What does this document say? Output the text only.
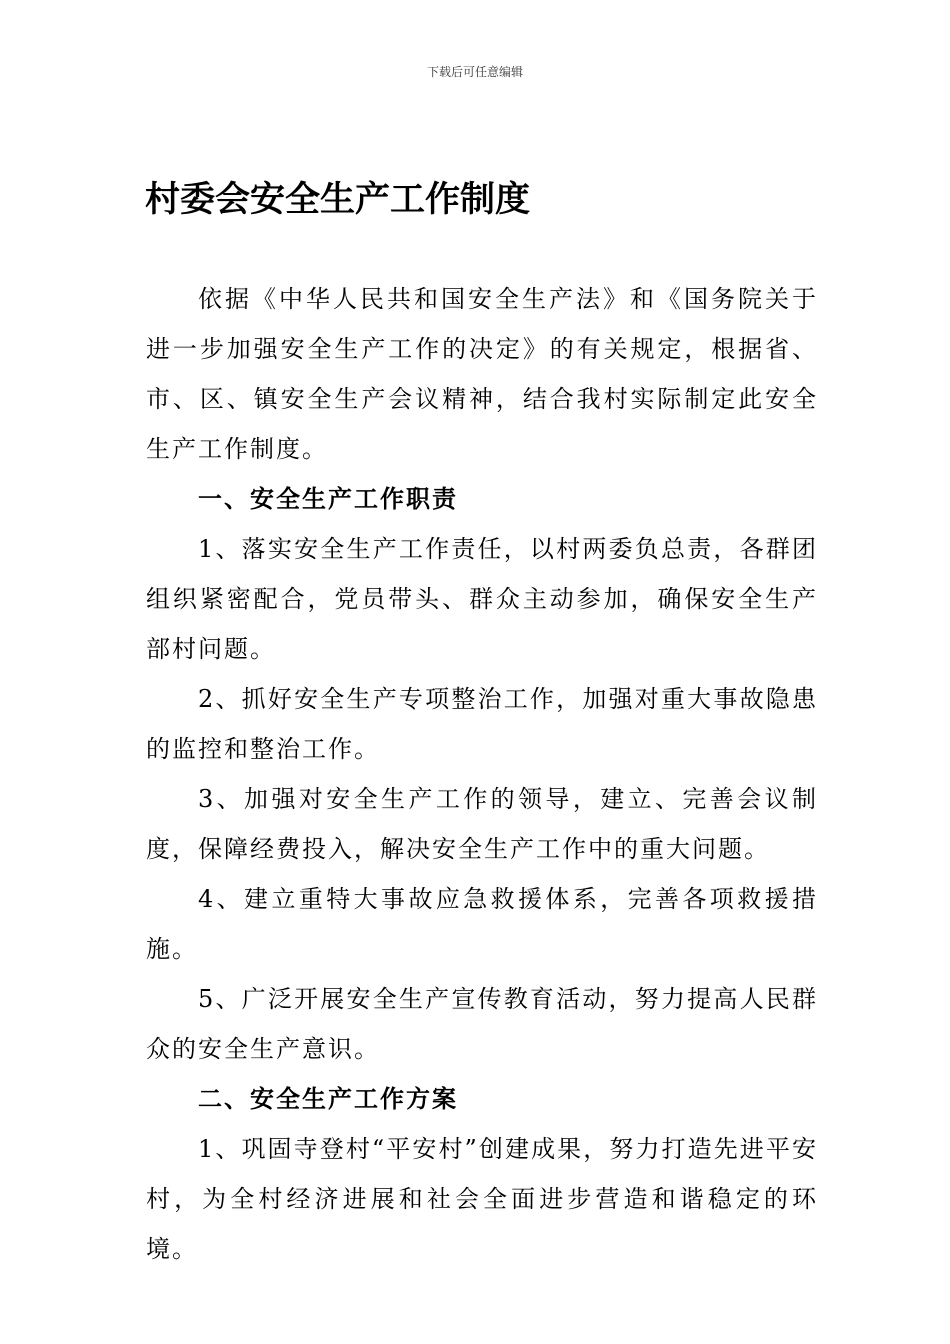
下载后可任意编辑
村委会安全生产工作制度

依据《中华人民共和国安全生产法》和《国务院关于进一步加强安全生产工作的决定》的有关规定，根据省、市、区、镇安全生产会议精神，结合我村实际制定此安全生产工作制度。

一、安全生产工作职责

1、落实安全生产工作责任，以村两委负总责，各群团组织紧密配合，党员带头、群众主动参加，确保安全生产部村问题。

2、抓好安全生产专项整治工作，加强对重大事故隐患的监控和整治工作。

3、加强对安全生产工作的领导，建立、完善会议制度，保障经费投入，解决安全生产工作中的重大问题。

4、建立重特大事故应急救援体系，完善各项救援措施。

5、广泛开展安全生产宣传教育活动，努力提高人民群众的安全生产意识。

二、安全生产工作方案

1、巩固寺登村“平安村”创建成果，努力打造先进平安村，为全村经济进展和社会全面进步营造和谐稳定的环境。
